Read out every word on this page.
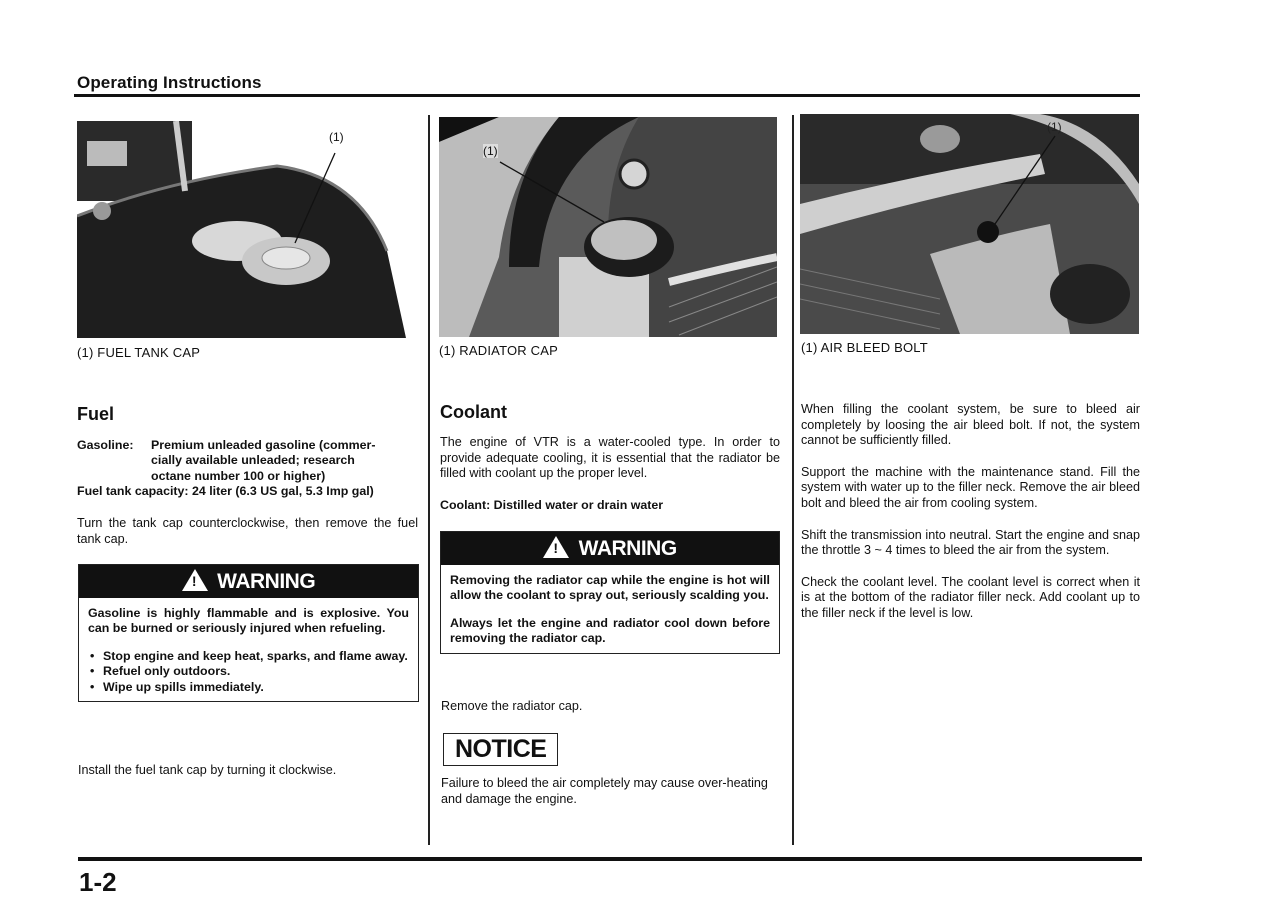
Operating Instructions
(1)
(1) FUEL TANK CAP
Fuel
Gasoline:	Premium unleaded gasoline (commer-
cially available unleaded; research
octane number 100 or higher)
Fuel tank capacity: 24 liter (6.3 US gal, 5.3 Imp gal)
Turn the tank cap counterclockwise, then remove the fuel tank cap.
! WARNING

Gasoline is highly flammable and is explosive. You can be burned or seriously injured when refueling.

• Stop engine and keep heat, sparks, and flame away.
• Refuel only outdoors.
• Wipe up spills immediately.
Install the fuel tank cap by turning it clockwise.
(1)
(1) RADIATOR CAP
Coolant
The engine of VTR is a water-cooled type. In order to provide adequate cooling, it is essential that the radiator be filled with coolant up the proper level.
Coolant: Distilled water or drain water
! WARNING

Removing the radiator cap while the engine is hot will allow the coolant to spray out, seriously scalding you.

Always let the engine and radiator cool down before removing the radiator cap.

Remove the radiator cap.
NOTICE
Failure to bleed the air completely may cause over-heating and damage the engine.
(1)
(1) AIR BLEED BOLT

When filling the coolant system, be sure to bleed air completely by loosing the air bleed bolt. If not, the system cannot be sufficiently filled.

Support the machine with the maintenance stand. Fill the system with water up to the filler neck. Remove the air bleed bolt and bleed the air from cooling system.

Shift the transmission into neutral. Start the engine and snap the throttle 3 ~ 4 times to bleed the air from the system.

Check the coolant level. The coolant level is correct when it is at the bottom of the radiator filler neck. Add coolant up to the filler neck if the level is low.

1-2
